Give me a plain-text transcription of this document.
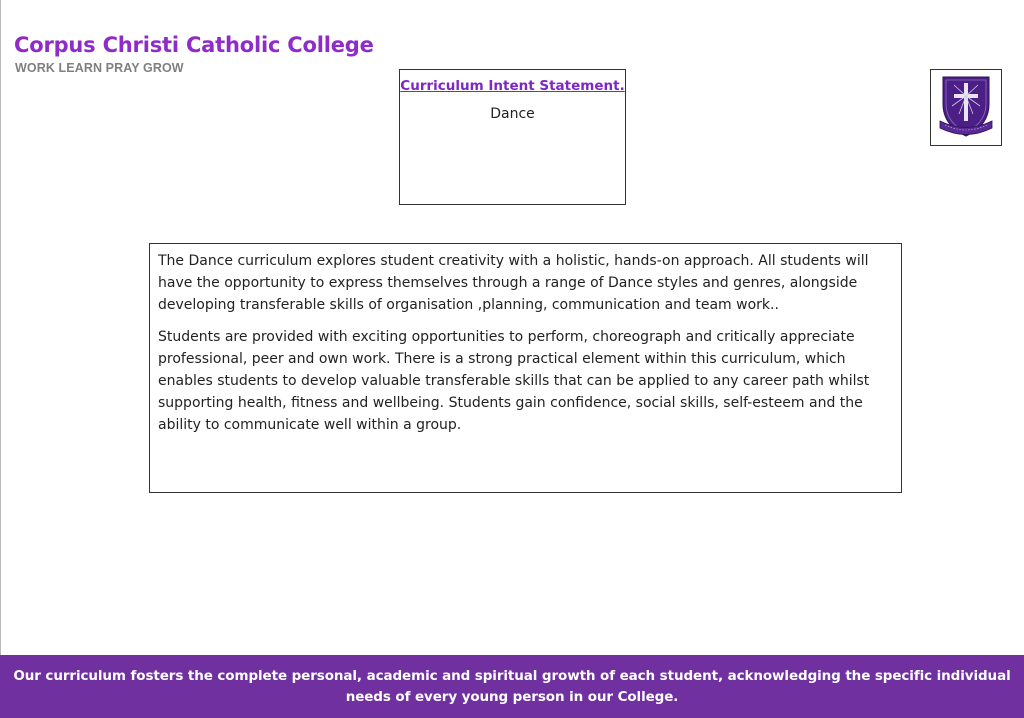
Corpus Christi Catholic College
WORK LEARN PRAY GROW
Curriculum Intent Statement.
Dance

The Dance curriculum explores student creativity with a holistic, hands-on approach. All students will have the opportunity to express themselves through a range of Dance styles and genres, alongside developing transferable skills of organisation ,planning, communication and team work..

Students are provided with exciting opportunities to perform, choreograph and critically appreciate professional, peer and own work. There is a strong practical element within this curriculum, which enables students to develop valuable transferable skills that can be applied to any career path whilst supporting health, fitness and wellbeing. Students gain confidence, social skills, self-esteem and the ability to communicate well within a group.

Our curriculum fosters the complete personal, academic and spiritual growth of each student, acknowledging the specific individual needs of every young person in our College.
